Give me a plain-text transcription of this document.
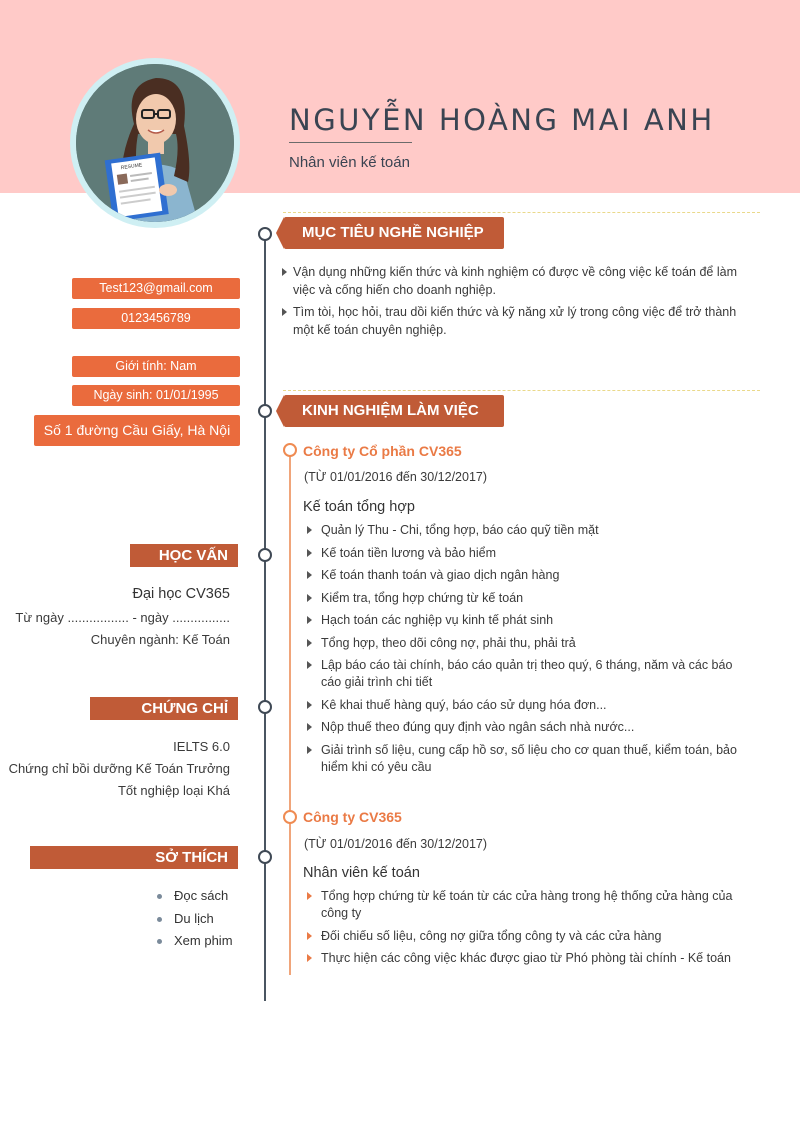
RESUME
NGUYỄN HOÀNG MAI ANH
Nhân viên kế toán
Test123@gmail.com
0123456789
Giới tính: Nam
Ngày sinh: 01/01/1995
Số 1 đường Cầu Giấy, Hà Nội
HỌC VẤN
Đại học CV365
Từ ngày ................. - ngày ................
Chuyên ngành: Kế Toán
CHỨNG CHỈ
IELTS 6.0
Chứng chỉ bồi dưỡng Kế Toán Trưởng
Tốt nghiệp loại Khá
SỞ THÍCH
Đọc sách
Du lịch
Xem phim
MỤC TIÊU NGHỀ NGHIỆP
Vận dụng những kiến thức và kinh nghiệm có được về công việc kế toán để làm việc và cống hiến cho doanh nghiệp.
Tìm tòi, học hỏi, trau dồi kiến thức và kỹ năng xử lý trong công việc để trở thành một kế toán chuyên nghiệp.
KINH NGHIỆM LÀM VIỆC
Công ty Cổ phần CV365
(TỪ 01/01/2016 đến 30/12/2017)
Kế toán tổng hợp
Quản lý Thu - Chi, tổng hợp, báo cáo quỹ tiền mặt
Kế toán tiền lương và bảo hiểm
Kế toán thanh toán và giao dịch ngân hàng
Kiểm tra, tổng hợp chứng từ kế toán
Hạch toán các nghiệp vụ kinh tế phát sinh
Tổng hợp, theo dõi công nợ, phải thu, phải trả
Lập báo cáo tài chính, báo cáo quản trị theo quý, 6 tháng, năm và các báo cáo giải trình chi tiết
Kê khai thuế hàng quý, báo cáo sử dụng hóa đơn...
Nộp thuế theo đúng quy định vào ngân sách nhà nước...
Giải trình số liệu, cung cấp hồ sơ, số liệu cho cơ quan thuế, kiểm toán, bảo hiểm khi có yêu cầu
Công ty CV365
(TỪ 01/01/2016 đến 30/12/2017)
Nhân viên kế toán
Tổng hợp chứng từ kế toán từ các cửa hàng trong hệ thống cửa hàng của công ty
Đối chiếu số liệu, công nợ giữa tổng công ty và các cửa hàng
Thực hiện các công việc khác được giao từ Phó phòng tài chính - Kế toán
